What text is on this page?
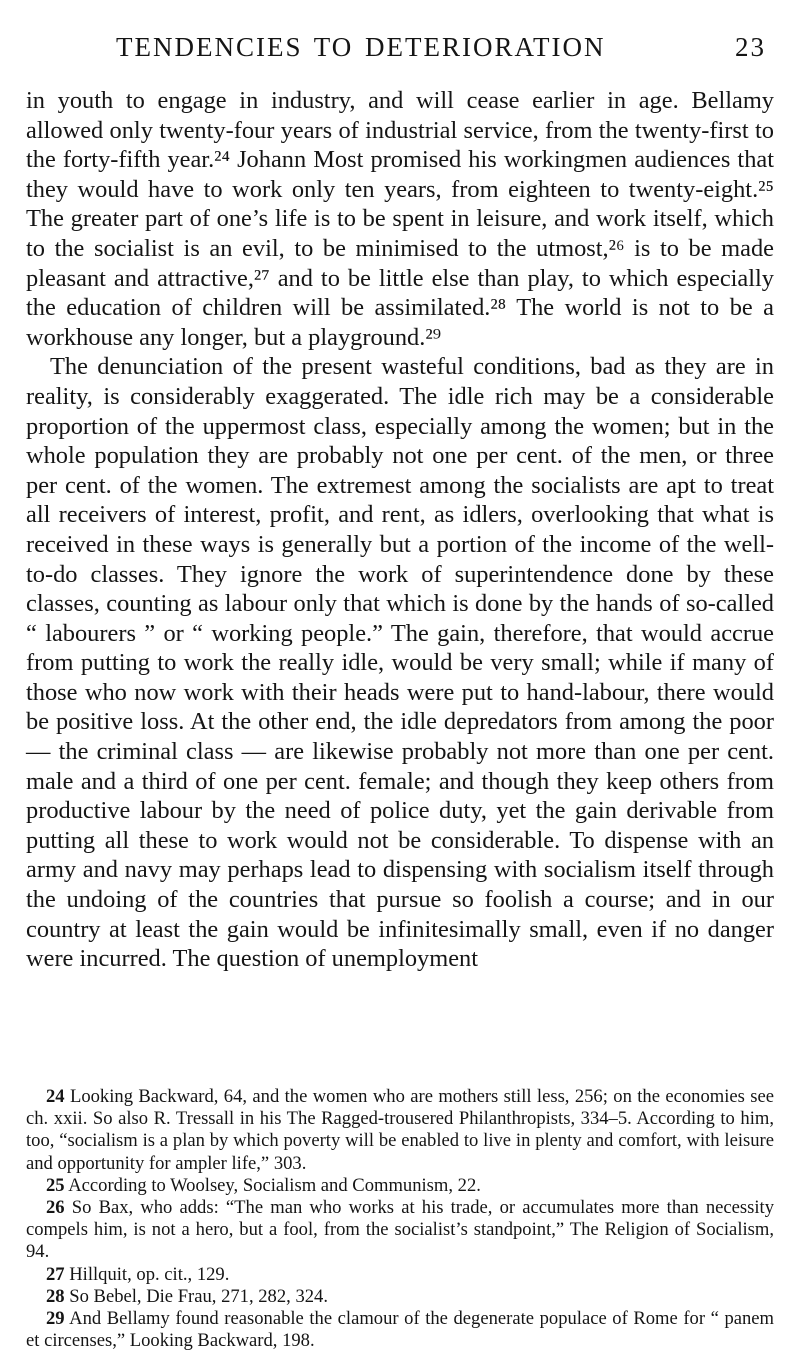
TENDENCIES TO DETERIORATION	23

in youth to engage in industry, and will cease earlier in age. Bellamy allowed only twenty-four years of industrial service, from the twenty-first to the forty-fifth year.²⁴ Johann Most promised his workingmen audiences that they would have to work only ten years, from eighteen to twenty-eight.²⁵ The greater part of one’s life is to be spent in leisure, and work itself, which to the socialist is an evil, to be minimised to the utmost,²⁶ is to be made pleasant and attractive,²⁷ and to be little else than play, to which especially the education of children will be assimilated.²⁸ The world is not to be a workhouse any longer, but a playground.²⁹

The denunciation of the present wasteful conditions, bad as they are in reality, is considerably exaggerated. The idle rich may be a considerable proportion of the uppermost class, especially among the women; but in the whole population they are probably not one per cent. of the men, or three per cent. of the women. The extremest among the socialists are apt to treat all receivers of interest, profit, and rent, as idlers, overlooking that what is received in these ways is generally but a portion of the income of the well-to-do classes. They ignore the work of superintendence done by these classes, counting as labour only that which is done by the hands of so-called “ labourers ” or “ working people.” The gain, therefore, that would accrue from putting to work the really idle, would be very small; while if many of those who now work with their heads were put to hand-labour, there would be positive loss. At the other end, the idle depredators from among the poor — the criminal class — are likewise probably not more than one per cent. male and a third of one per cent. female; and though they keep others from productive labour by the need of police duty, yet the gain derivable from putting all these to work would not be considerable. To dispense with an army and navy may perhaps lead to dispensing with socialism itself through the undoing of the countries that pursue so foolish a course; and in our country at least the gain would be infinitesimally small, even if no danger were incurred. The question of unemployment

24 Looking Backward, 64, and the women who are mothers still less, 256; on the economies see ch. xxii. So also R. Tressall in his The Ragged-trousered Philanthropists, 334–5. According to him, too, “socialism is a plan by which poverty will be enabled to live in plenty and comfort, with leisure and opportunity for ampler life,” 303.

25 According to Woolsey, Socialism and Communism, 22.

26 So Bax, who adds: “The man who works at his trade, or accumulates more than necessity compels him, is not a hero, but a fool, from the socialist’s standpoint,” The Religion of Socialism, 94.

27 Hillquit, op. cit., 129.

28 So Bebel, Die Frau, 271, 282, 324.

29 And Bellamy found reasonable the clamour of the degenerate populace of Rome for “ panem et circenses,” Looking Backward, 198.
